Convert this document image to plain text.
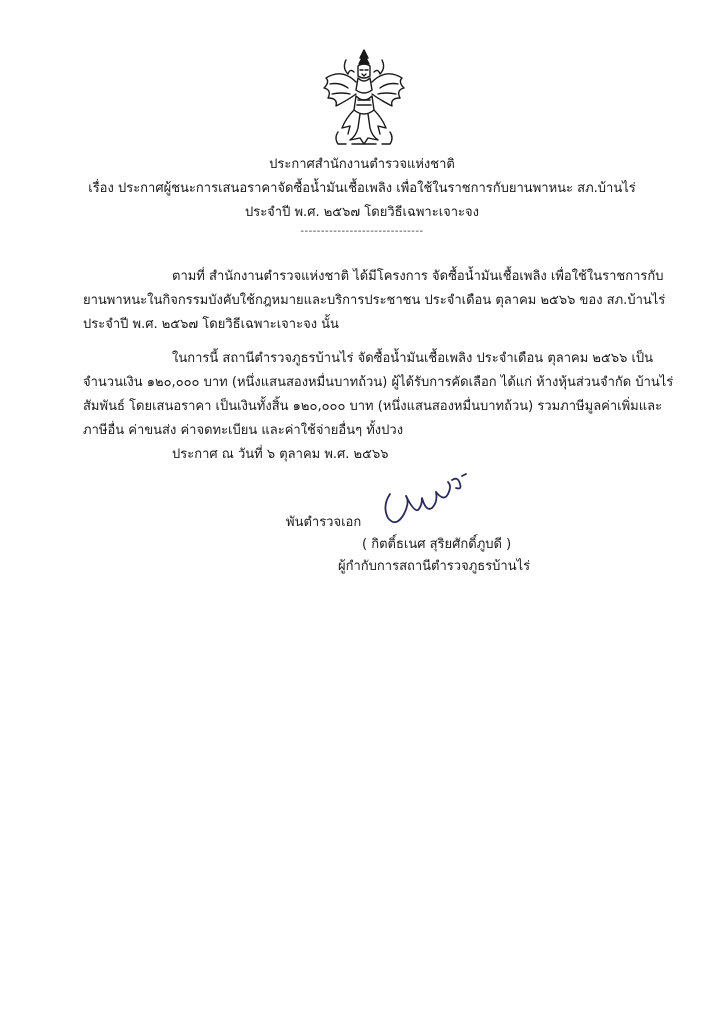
ประกาศสำนักงานตำรวจแห่งชาติ
เรื่อง ประกาศผู้ชนะการเสนอราคาจัดซื้อน้ำมันเชื้อเพลิง เพื่อใช้ในราชการกับยานพาหนะ สภ.บ้านไร่
ประจำปี พ.ศ. ๒๕๖๗ โดยวิธีเฉพาะเจาะจง
------------------------------
ตามที่ สำนักงานตำรวจแห่งชาติ ได้มีโครงการ จัดซื้อน้ำมันเชื้อเพลิง เพื่อใช้ในราชการกับ
ยานพาหนะในกิจกรรมบังคับใช้กฎหมายและบริการประชาชน ประจำเดือน ตุลาคม ๒๕๖๖ ของ สภ.บ้านไร่
ประจำปี พ.ศ. ๒๕๖๗ โดยวิธีเฉพาะเจาะจง นั้น
ในการนี้ สถานีตำรวจภูธรบ้านไร่ จัดซื้อน้ำมันเชื้อเพลิง ประจำเดือน ตุลาคม ๒๕๖๖ เป็น
จำนวนเงิน ๑๒๐,๐๐๐ บาท (หนึ่งแสนสองหมื่นบาทถ้วน) ผู้ได้รับการคัดเลือก ได้แก่ ห้างหุ้นส่วนจำกัด บ้านไร่
สัมพันธ์ โดยเสนอราคา เป็นเงินทั้งสิ้น ๑๒๐,๐๐๐ บาท (หนึ่งแสนสองหมื่นบาทถ้วน) รวมภาษีมูลค่าเพิ่มและ
ภาษีอื่น ค่าขนส่ง ค่าจดทะเบียน และค่าใช้จ่ายอื่นๆ ทั้งปวง
ประกาศ ณ วันที่ ๖ ตุลาคม พ.ศ. ๒๕๖๖
พันตำรวจเอก
( กิตติ์ธเนศ สุริยศักดิ์ภูบดี )
ผู้กำกับการสถานีตำรวจภูธรบ้านไร่
